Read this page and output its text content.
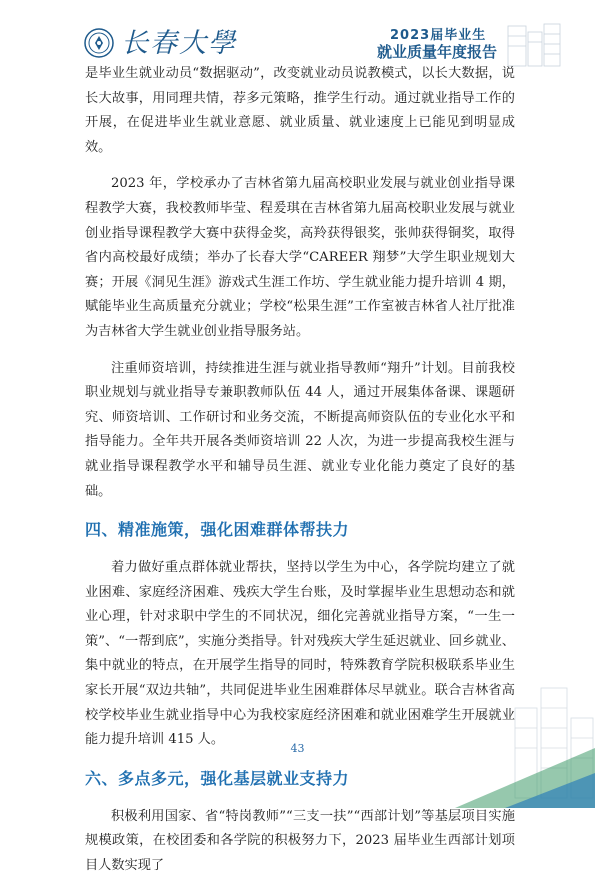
长春大學	2023届毕业生
就业质量年度报告

是毕业生就业动员“数据驱动”，改变就业动员说教模式，以长大数据，说长大故事，用同理共情，荐多元策略，推学生行动。通过就业指导工作的开展，在促进毕业生就业意愿、就业质量、就业速度上已能见到明显成效。

2023 年，学校承办了吉林省第九届高校职业发展与就业创业指导课程教学大赛，我校教师毕莹、程爰琪在吉林省第九届高校职业发展与就业创业指导课程教学大赛中获得金奖，高羚获得银奖，张帅获得铜奖，取得省内高校最好成绩；举办了长春大学“CAREER 翔梦”大学生职业规划大赛；开展《洞见生涯》游戏式生涯工作坊、学生就业能力提升培训 4 期，赋能毕业生高质量充分就业；学校“松果生涯”工作室被吉林省人社厅批准为吉林省大学生就业创业指导服务站。

注重师资培训，持续推进生涯与就业指导教师“翔升”计划。目前我校职业规划与就业指导专兼职教师队伍 44 人，通过开展集体备课、课题研究、师资培训、工作研讨和业务交流，不断提高师资队伍的专业化水平和指导能力。全年共开展各类师资培训 22 人次，为进一步提高我校生涯与就业指导课程教学水平和辅导员生涯、就业专业化能力奠定了良好的基础。

四、精准施策，强化困难群体帮扶力

着力做好重点群体就业帮扶，坚持以学生为中心，各学院均建立了就业困难、家庭经济困难、残疾大学生台账，及时掌握毕业生思想动态和就业心理，针对求职中学生的不同状况，细化完善就业指导方案，“一生一策”、“一帮到底”，实施分类指导。针对残疾大学生延迟就业、回乡就业、集中就业的特点，在开展学生指导的同时，特殊教育学院积极联系毕业生家长开展“双边共轴”，共同促进毕业生困难群体尽早就业。联合吉林省高校学校毕业生就业指导中心为我校家庭经济困难和就业困难学生开展就业能力提升培训 415 人。

六、多点多元，强化基层就业支持力

积极利用国家、省“特岗教师”“三支一扶”“西部计划”等基层项目实施规模政策，在校团委和各学院的积极努力下，2023 届毕业生西部计划项目人数实现了

43
